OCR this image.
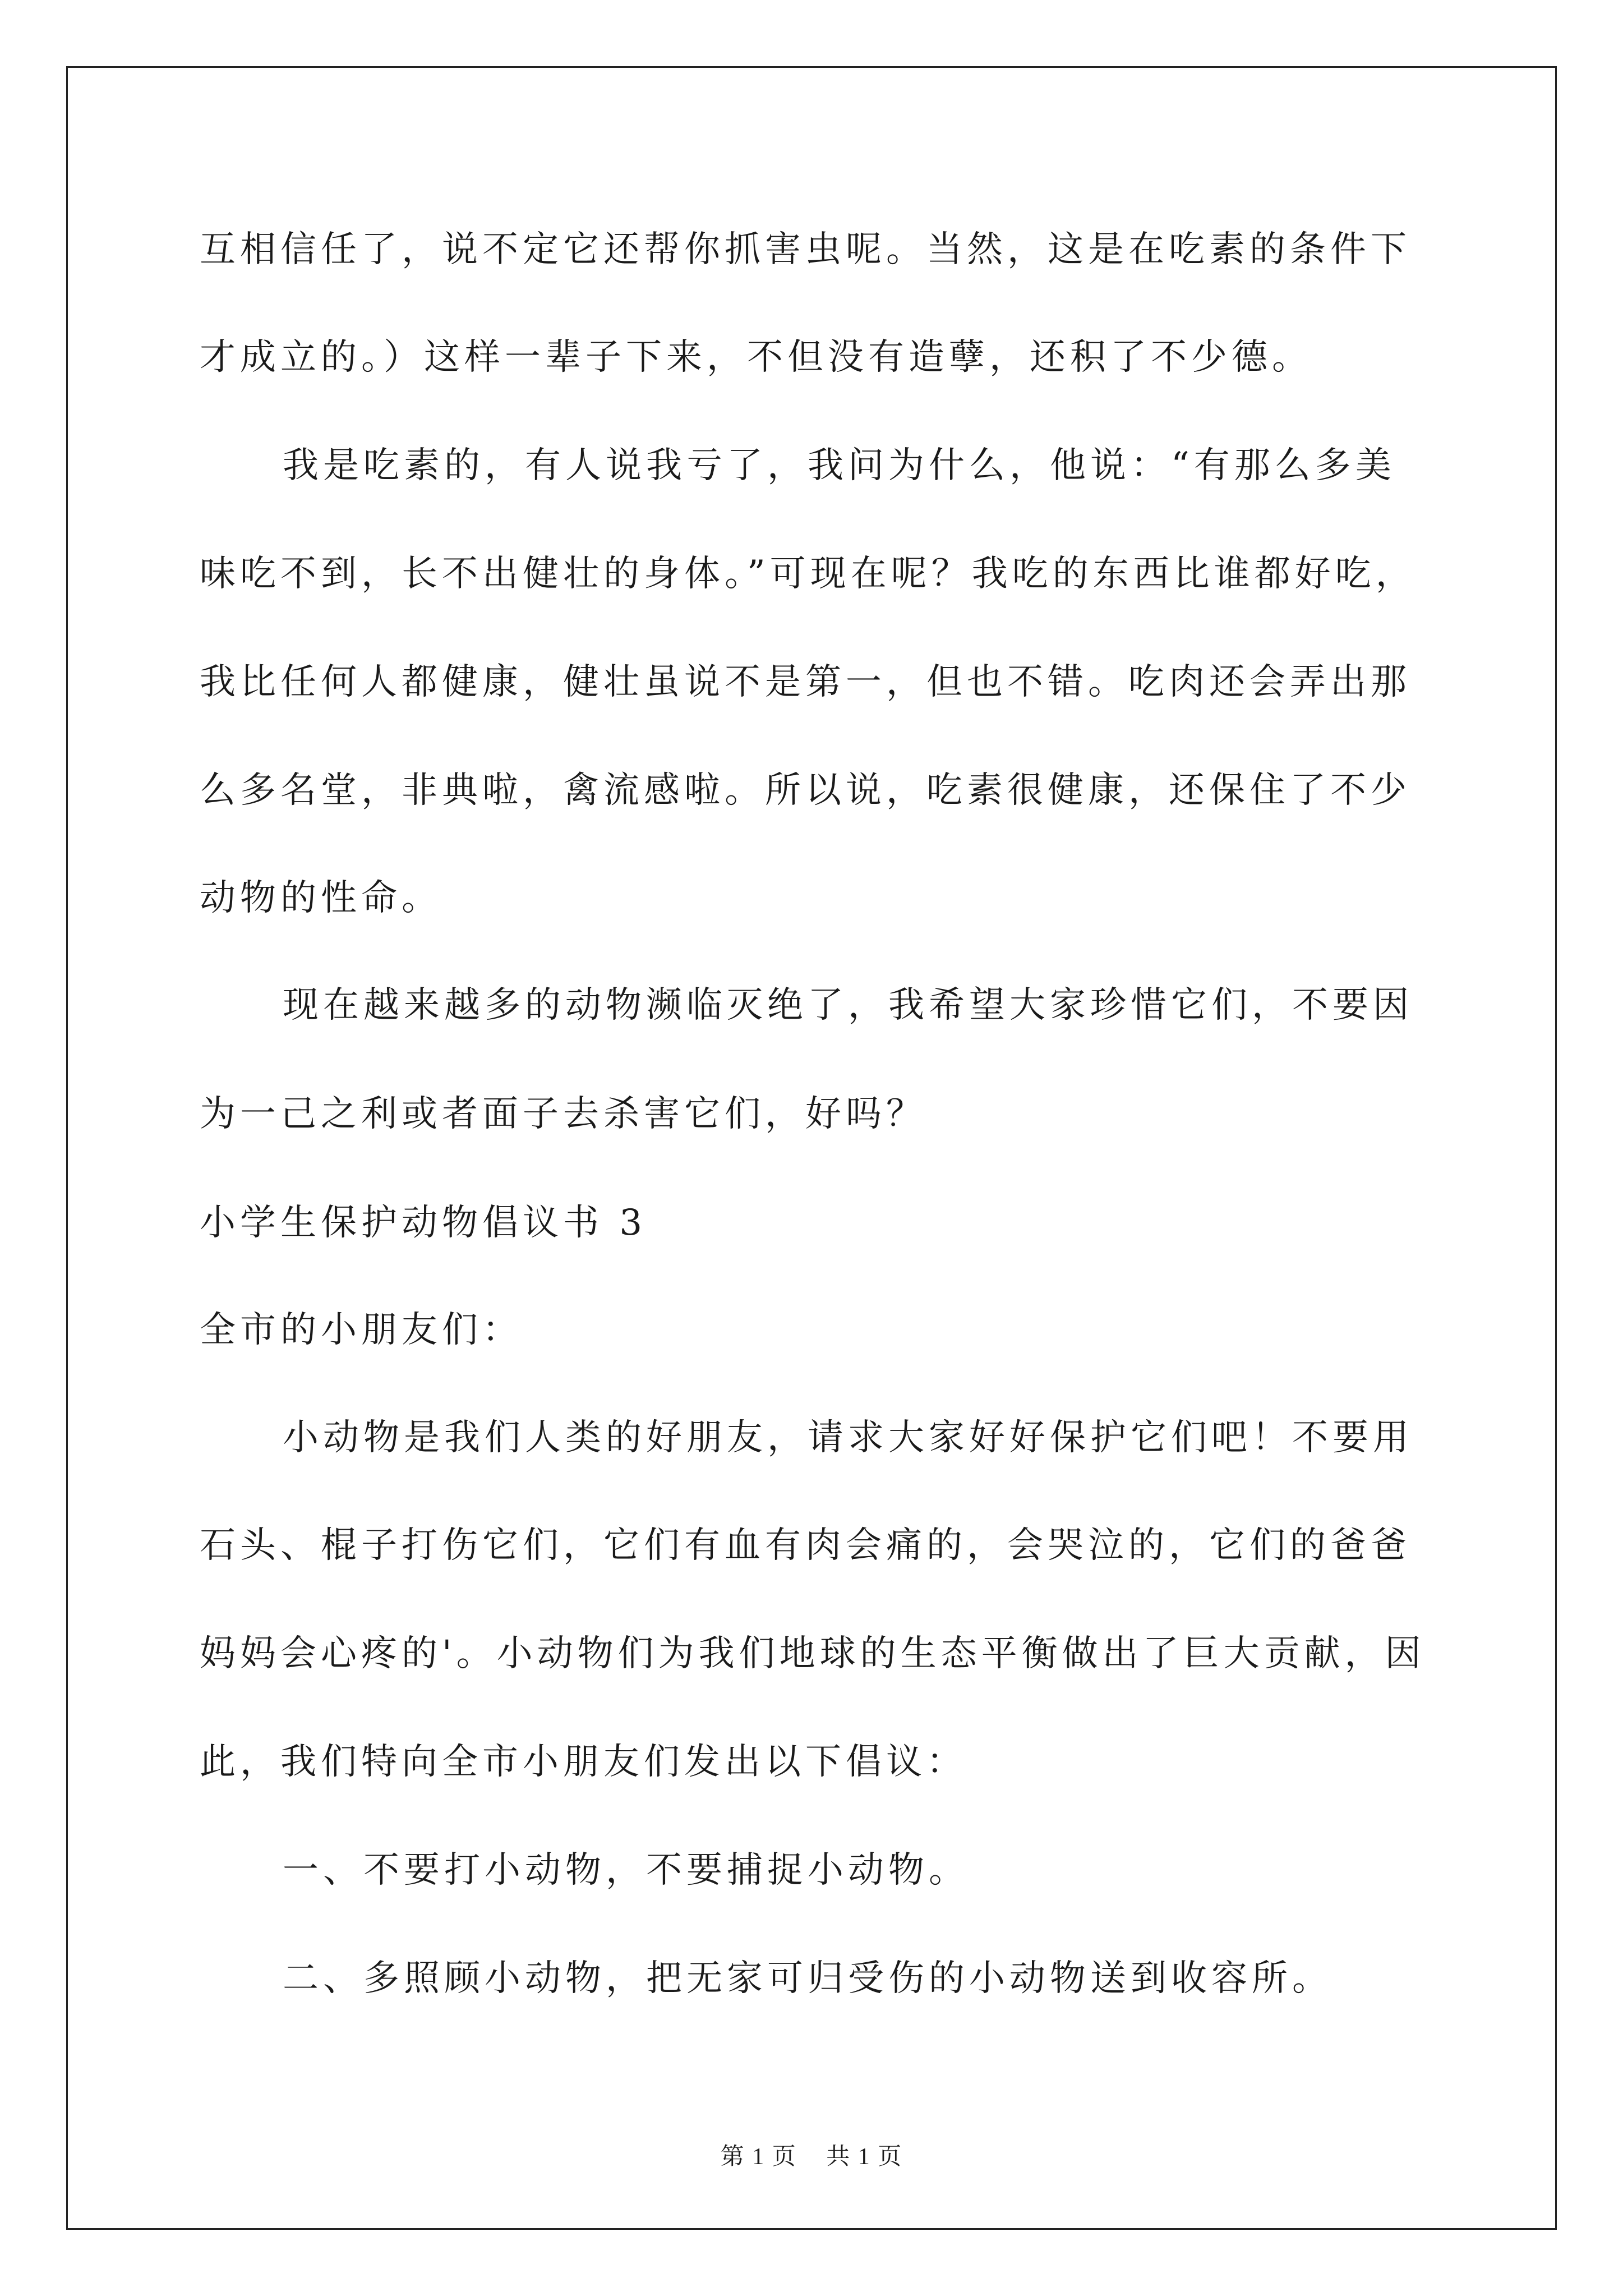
互相信任了，说不定它还帮你抓害虫呢。当然，这是在吃素的条件下
才成立的。）这样一辈子下来，不但没有造孽，还积了不少德。
我是吃素的，有人说我亏了，我问为什么，他说：“有那么多美
味吃不到，长不出健壮的身体。”可现在呢？我吃的东西比谁都好吃，
我比任何人都健康，健壮虽说不是第一，但也不错。吃肉还会弄出那
么多名堂，非典啦，禽流感啦。所以说，吃素很健康，还保住了不少
动物的性命。
现在越来越多的动物濒临灭绝了，我希望大家珍惜它们，不要因
为一己之利或者面子去杀害它们，好吗？
小学生保护动物倡议书 3
全市的小朋友们：
小动物是我们人类的好朋友，请求大家好好保护它们吧！不要用
石头、棍子打伤它们，它们有血有肉会痛的，会哭泣的，它们的爸爸
妈妈会心疼的'。小动物们为我们地球的生态平衡做出了巨大贡献，因
此，我们特向全市小朋友们发出以下倡议：
一、不要打小动物，不要捕捉小动物。
二、多照顾小动物，把无家可归受伤的小动物送到收容所。
第 1 页 共 1 页
